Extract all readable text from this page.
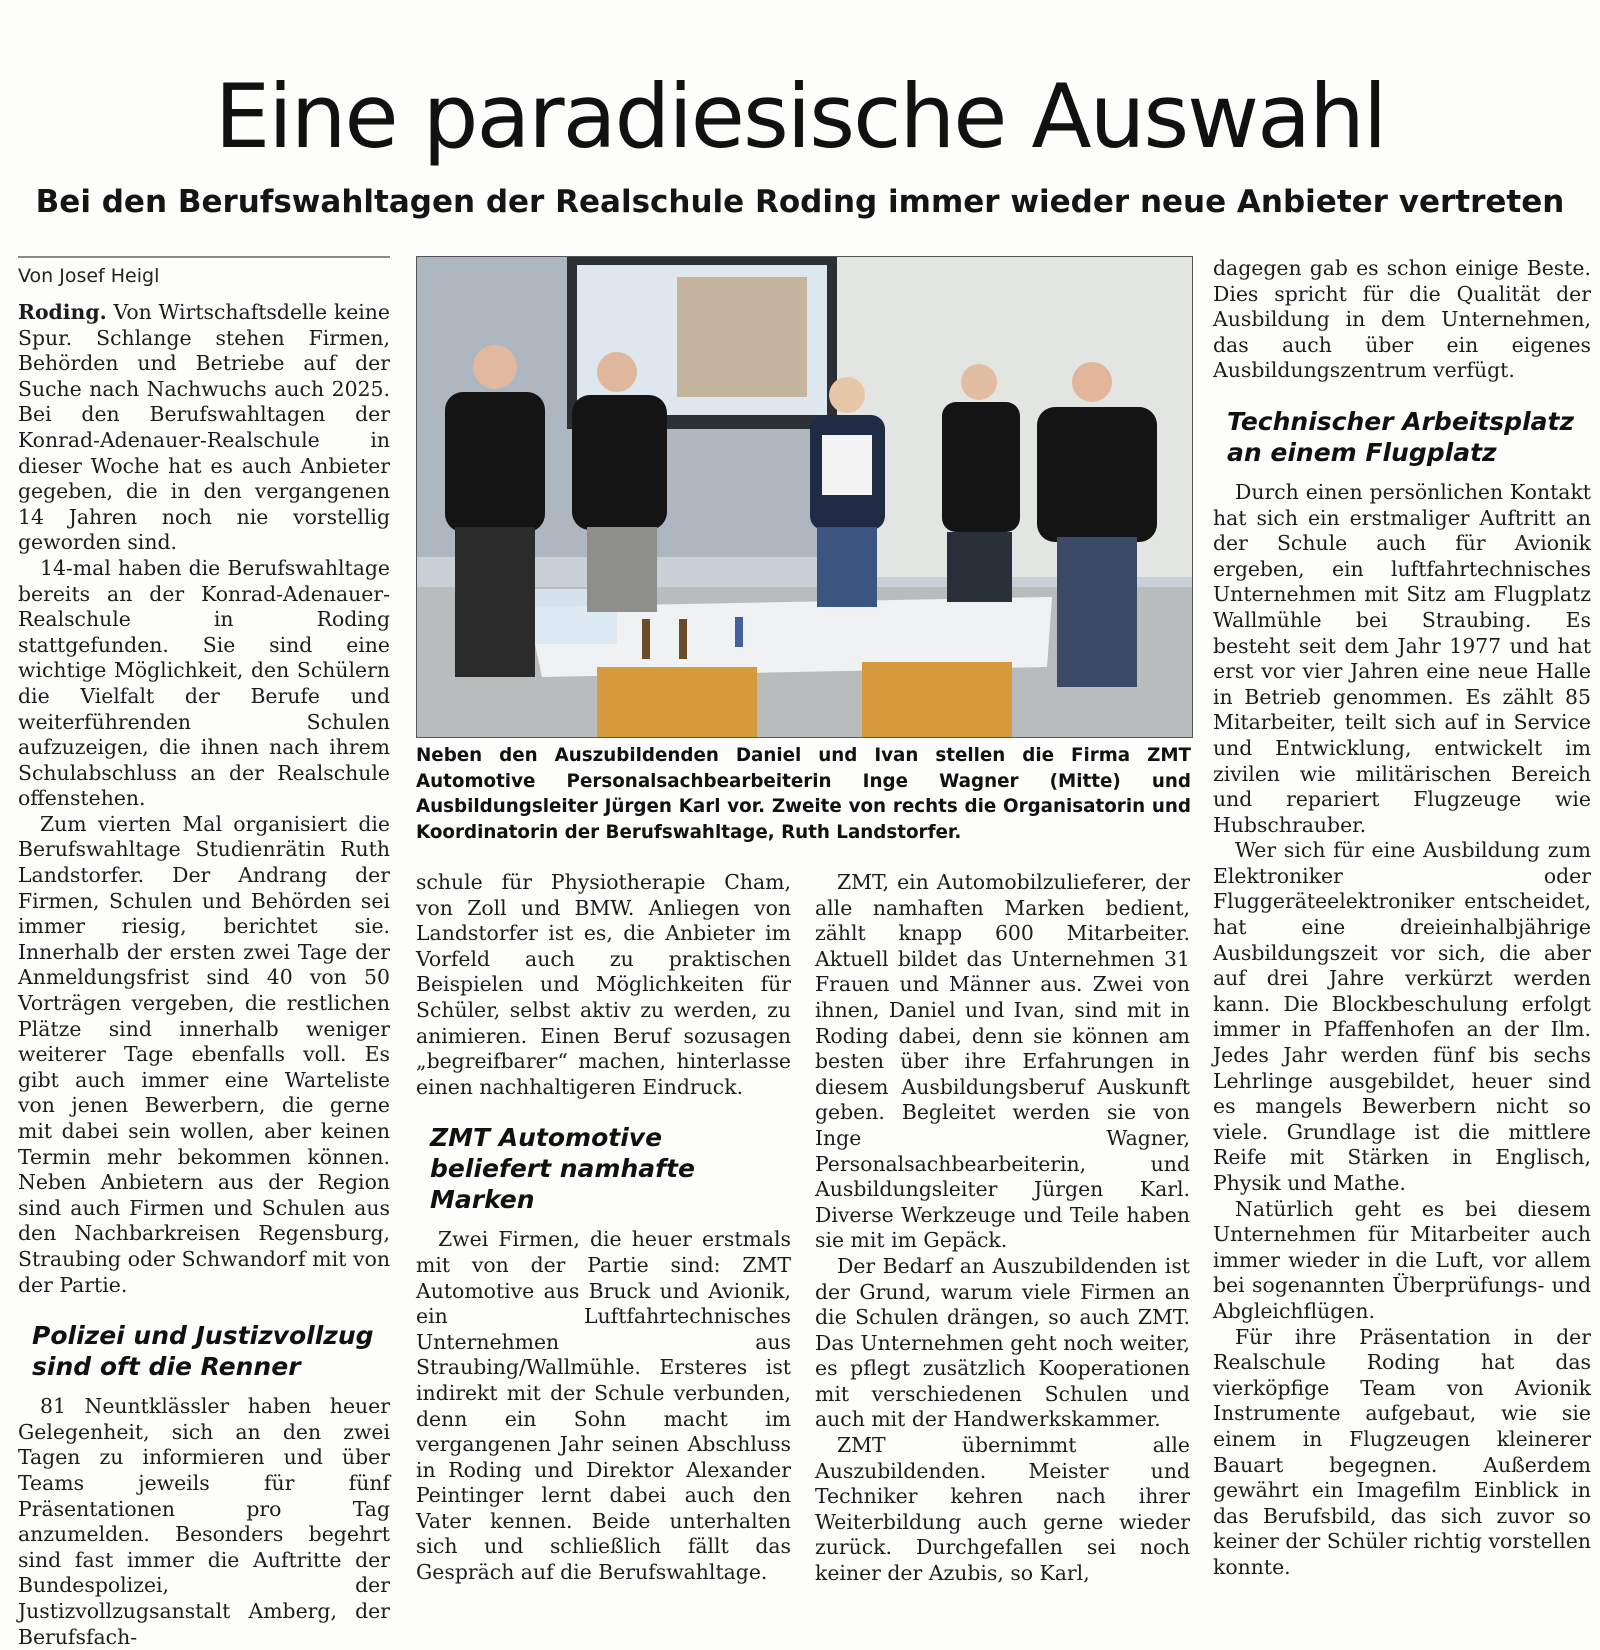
Eine paradiesische Auswahl
Bei den Berufswahltagen der Realschule Roding immer wieder neue Anbieter vertreten
Von Josef Heigl

Roding. Von Wirtschaftsdelle keine Spur. Schlange stehen Firmen, Behörden und Betriebe auf der Suche nach Nachwuchs auch 2025. Bei den Berufswahltagen der Konrad-Adenauer-Realschule in dieser Woche hat es auch Anbieter gegeben, die in den vergangenen 14 Jahren noch nie vorstellig geworden sind.

14-mal haben die Berufswahltage bereits an der Konrad-Adenauer-Realschule in Roding stattgefunden. Sie sind eine wichtige Möglichkeit, den Schülern die Vielfalt der Berufe und weiterführenden Schulen aufzuzeigen, die ihnen nach ihrem Schulabschluss an der Realschule offenstehen.

Zum vierten Mal organisiert die Berufswahltage Studienrätin Ruth Landstorfer. Der Andrang der Firmen, Schulen und Behörden sei immer riesig, berichtet sie. Innerhalb der ersten zwei Tage der Anmeldungsfrist sind 40 von 50 Vorträgen vergeben, die restlichen Plätze sind innerhalb weniger weiterer Tage ebenfalls voll. Es gibt auch immer eine Warteliste von jenen Bewerbern, die gerne mit dabei sein wollen, aber keinen Termin mehr bekommen können. Neben Anbietern aus der Region sind auch Firmen und Schulen aus den Nachbarkreisen Regensburg, Straubing oder Schwandorf mit von der Partie.

Polizei und Justizvollzug sind oft die Renner

81 Neuntklässler haben heuer Gelegenheit, sich an den zwei Tagen zu informieren und über Teams jeweils für fünf Präsentationen pro Tag anzumelden. Besonders begehrt sind fast immer die Auftritte der Bundespolizei, der Justizvollzugsanstalt Amberg, der Berufsfach-

Neben den Auszubildenden Daniel und Ivan stellen die Firma ZMT Automotive Personalsachbearbeiterin Inge Wagner (Mitte) und Ausbildungsleiter Jürgen Karl vor. Zweite von rechts die Organisatorin und Koordinatorin der Berufswahltage, Ruth Landstorfer.

schule für Physiotherapie Cham, von Zoll und BMW. Anliegen von Landstorfer ist es, die Anbieter im Vorfeld auch zu praktischen Beispielen und Möglichkeiten für Schüler, selbst aktiv zu werden, zu animieren. Einen Beruf sozusagen „begreifbarer“ machen, hinterlasse einen nachhaltigeren Eindruck.

ZMT Automotive beliefert namhafte Marken

Zwei Firmen, die heuer erstmals mit von der Partie sind: ZMT Automotive aus Bruck und Avionik, ein Luftfahrtechnisches Unternehmen aus Straubing/Wallmühle. Ersteres ist indirekt mit der Schule verbunden, denn ein Sohn macht im vergangenen Jahr seinen Abschluss in Roding und Direktor Alexander Peintinger lernt dabei auch den Vater kennen. Beide unterhalten sich und schließlich fällt das Gespräch auf die Berufswahltage.

ZMT, ein Automobilzulieferer, der alle namhaften Marken bedient, zählt knapp 600 Mitarbeiter. Aktuell bildet das Unternehmen 31 Frauen und Männer aus. Zwei von ihnen, Daniel und Ivan, sind mit in Roding dabei, denn sie können am besten über ihre Erfahrungen in diesem Ausbildungsberuf Auskunft geben. Begleitet werden sie von Inge Wagner, Personalsachbearbeiterin, und Ausbildungsleiter Jürgen Karl. Diverse Werkzeuge und Teile haben sie mit im Gepäck.

Der Bedarf an Auszubildenden ist der Grund, warum viele Firmen an die Schulen drängen, so auch ZMT. Das Unternehmen geht noch weiter, es pflegt zusätzlich Kooperationen mit verschiedenen Schulen und auch mit der Handwerkskammer.

ZMT übernimmt alle Auszubildenden. Meister und Techniker kehren nach ihrer Weiterbildung auch gerne wieder zurück. Durchgefallen sei noch keiner der Azubis, so Karl,

dagegen gab es schon einige Beste. Dies spricht für die Qualität der Ausbildung in dem Unternehmen, das auch über ein eigenes Ausbildungszentrum verfügt.

Technischer Arbeitsplatz an einem Flugplatz

Durch einen persönlichen Kontakt hat sich ein erstmaliger Auftritt an der Schule auch für Avionik ergeben, ein luftfahrtechnisches Unternehmen mit Sitz am Flugplatz Wallmühle bei Straubing. Es besteht seit dem Jahr 1977 und hat erst vor vier Jahren eine neue Halle in Betrieb genommen. Es zählt 85 Mitarbeiter, teilt sich auf in Service und Entwicklung, entwickelt im zivilen wie militärischen Bereich und repariert Flugzeuge wie Hubschrauber.

Wer sich für eine Ausbildung zum Elektroniker oder Fluggeräteelektroniker entscheidet, hat eine dreieinhalbjährige Ausbildungszeit vor sich, die aber auf drei Jahre verkürzt werden kann. Die Blockbeschulung erfolgt immer in Pfaffenhofen an der Ilm. Jedes Jahr werden fünf bis sechs Lehrlinge ausgebildet, heuer sind es mangels Bewerbern nicht so viele. Grundlage ist die mittlere Reife mit Stärken in Englisch, Physik und Mathe.

Natürlich geht es bei diesem Unternehmen für Mitarbeiter auch immer wieder in die Luft, vor allem bei sogenannten Überprüfungs- und Abgleichflügen.

Für ihre Präsentation in der Realschule Roding hat das vierköpfige Team von Avionik Instrumente aufgebaut, wie sie einem in Flugzeugen kleinerer Bauart begegnen. Außerdem gewährt ein Imagefilm Einblick in das Berufsbild, das sich zuvor so keiner der Schüler richtig vorstellen konnte.
